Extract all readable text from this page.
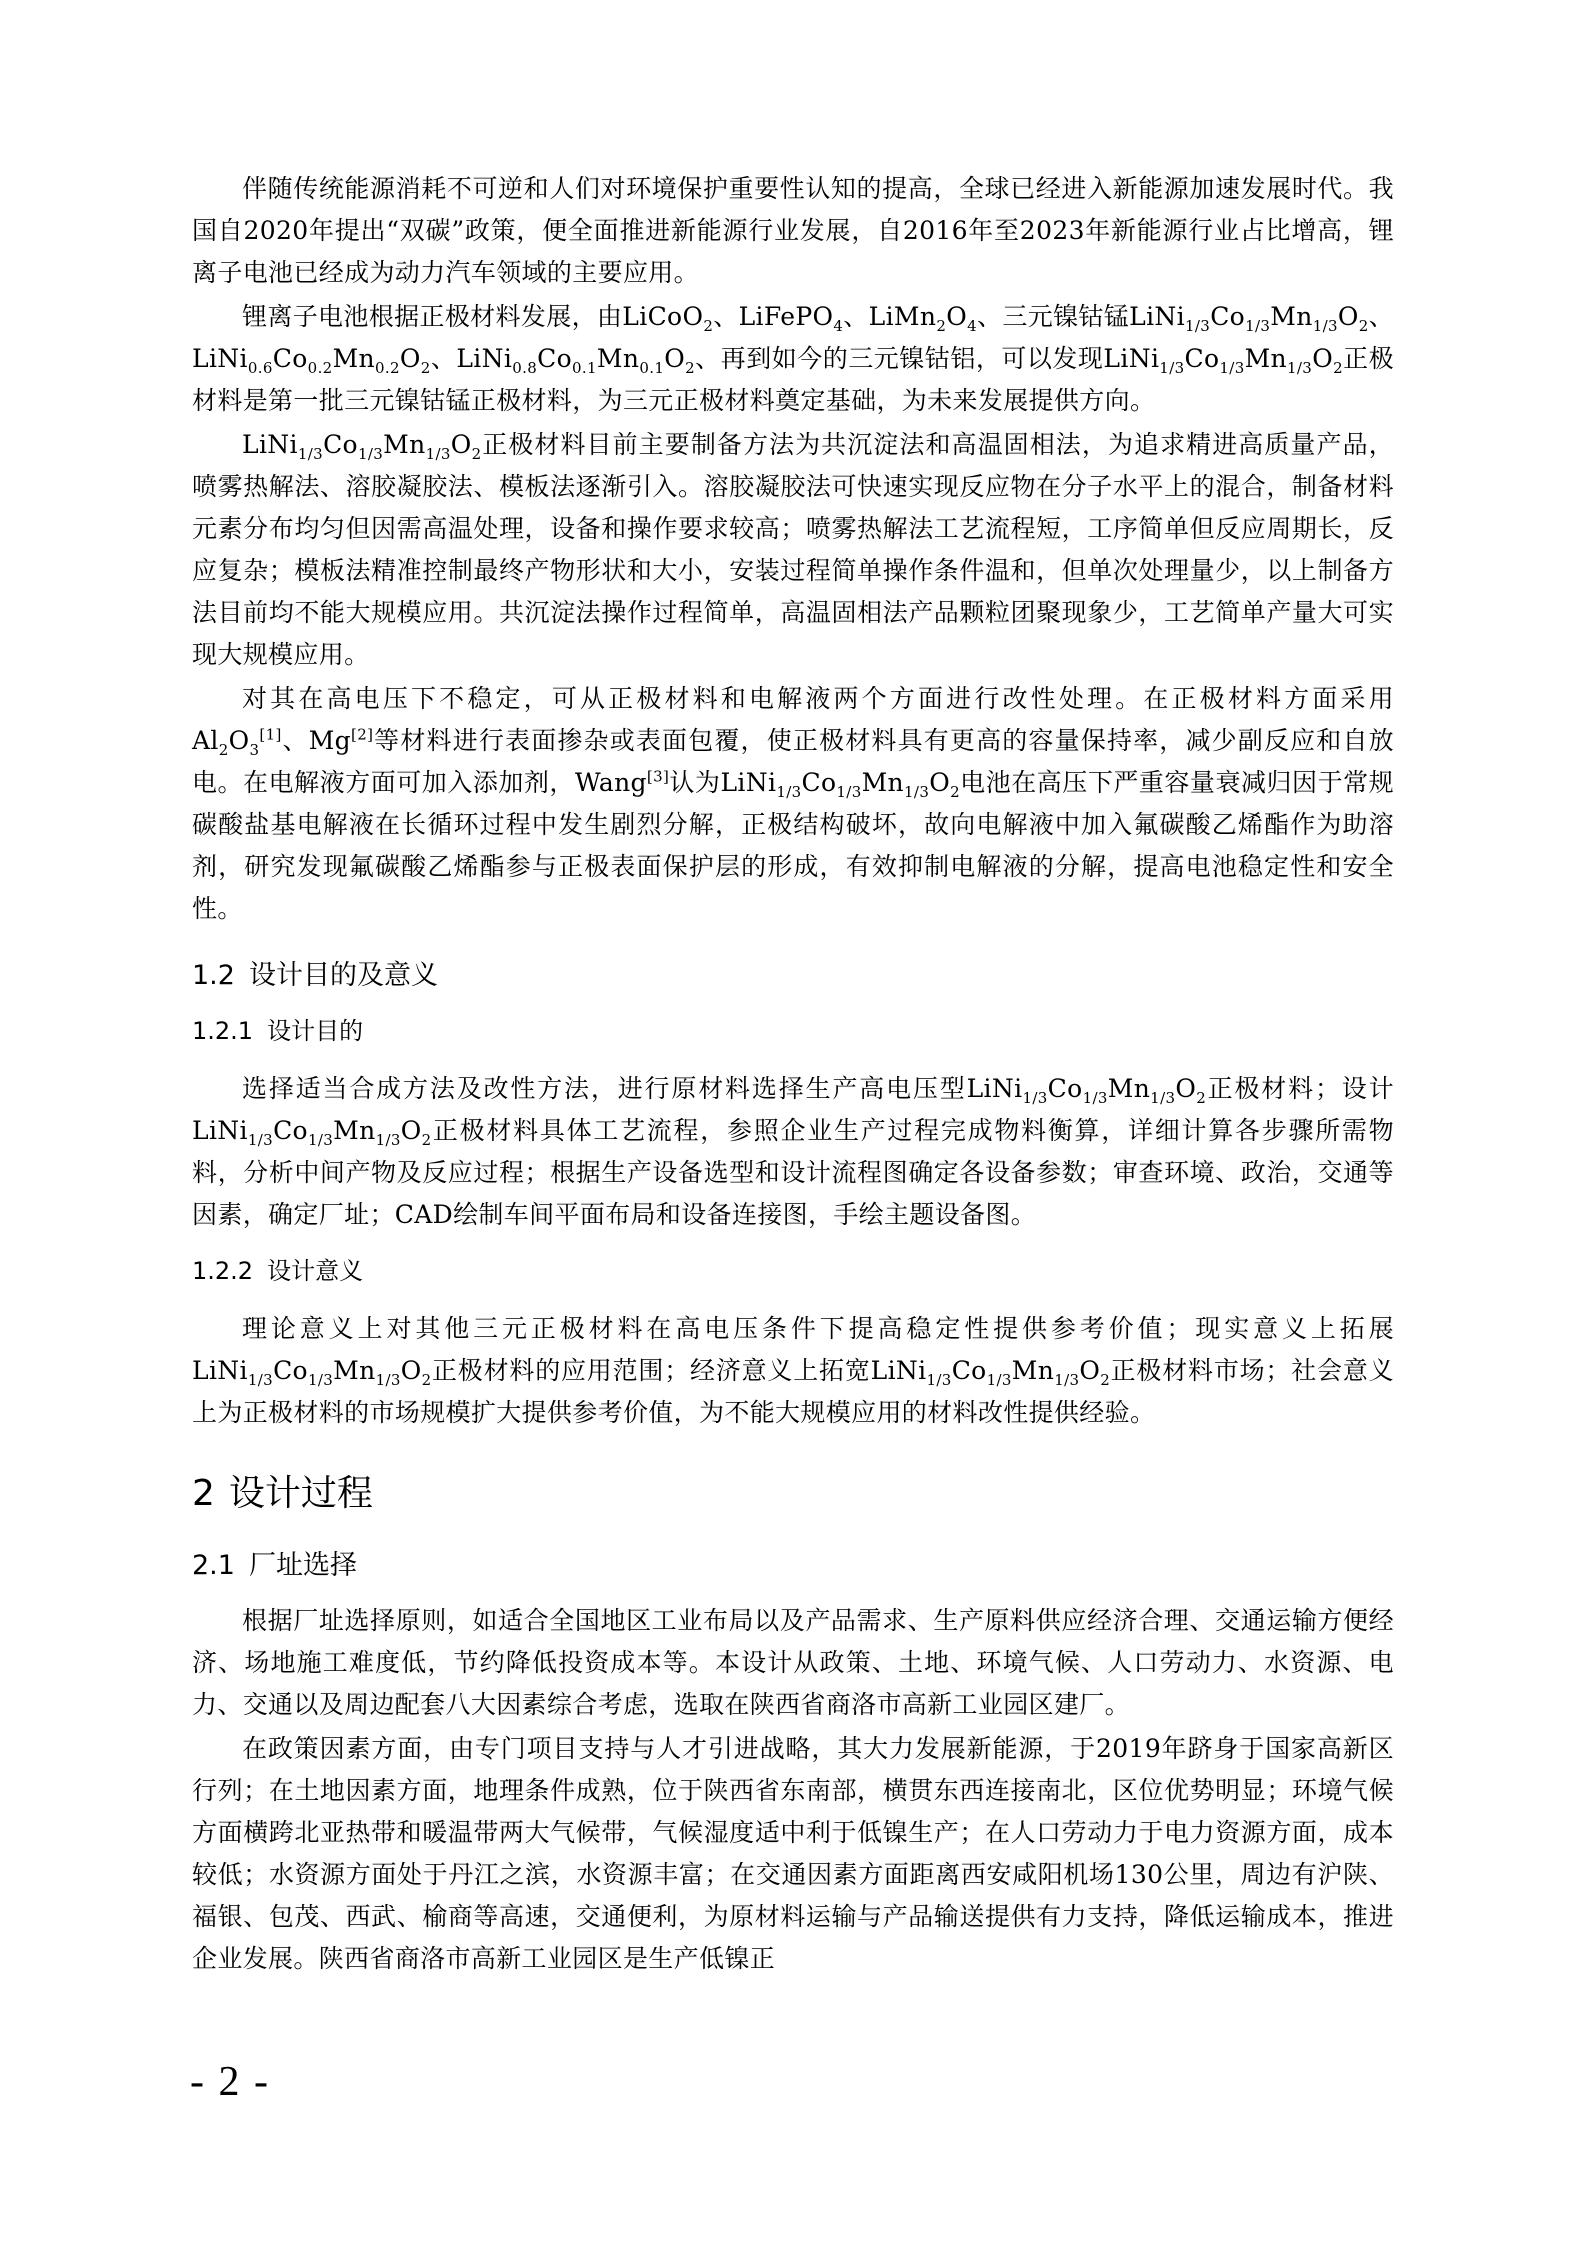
伴随传统能源消耗不可逆和人们对环境保护重要性认知的提高，全球已经进入新能源加速发展时代。我国自2020年提出“双碳”政策，便全面推进新能源行业发展，自2016年至2023年新能源行业占比增高，锂离子电池已经成为动力汽车领域的主要应用。

锂离子电池根据正极材料发展，由LiCoO$_2$、LiFePO$_4$、$LiMn_2O_4$、三元镍钴锰$LiNi_{1/3}Co_{1/3}Mn_{1/3}O_2$、$LiNi_{0.6}Co_{0.2}Mn_{0.2}O_2$、$LiNi_{0.8}Co_{0.1}Mn_{0.1}O_2$、再到如今的三元镍钴铝，可以发现$LiNi_{1/3}Co_{1/3}Mn_{1/3}O_2$正极材料是第一批三元镍钴锰正极材料，为三元正极材料奠定基础，为未来发展提供方向。

$LiNi_{1/3}Co_{1/3}Mn_{1/3}O_2$正极材料目前主要制备方法为共沉淀法和高温固相法，为追求精进高质量产品，喷雾热解法、溶胶凝胶法、模板法逐渐引入。溶胶凝胶法可快速实现反应物在分子水平上的混合，制备材料元素分布均匀但因需高温处理，设备和操作要求较高；喷雾热解法工艺流程短，工序简单但反应周期长，反应复杂；模板法精准控制最终产物形状和大小，安装过程简单操作条件温和，但单次处理量少，以上制备方法目前均不能大规模应用。共沉淀法操作过程简单，高温固相法产品颗粒团聚现象少，工艺简单产量大可实现大规模应用。

对其在高电压下不稳定，可从正极材料和电解液两个方面进行改性处理。在正极材料方面采用$Al_2O_3[1]$、Mg[2]等材料进行表面掺杂或表面包覆，使正极材料具有更高的容量保持率，减少副反应和自放电。在电解液方面可加入添加剂，Wang[3]认为$LiNi_{1/3}Co_{1/3}Mn_{1/3}O_2$电池在高压下严重容量衰减归因于常规碳酸盐基电解液在长循环过程中发生剧烈分解，正极结构破坏，故向电解液中加入氟碳酸乙烯酯作为助溶剂，研究发现氟碳酸乙烯酯参与正极表面保护层的形成，有效抑制电解液的分解，提高电池稳定性和安全性。

1.2 设计目的及意义
1.2.1 设计目的

选择适当合成方法及改性方法，进行原材料选择生产高电压型$LiNi_{1/3}Co_{1/3}Mn_{1/3}O_2$正极材料；设计$LiNi_{1/3}Co_{1/3}Mn_{1/3}O_2$正极材料具体工艺流程，参照企业生产过程完成物料衡算，详细计算各步骤所需物料，分析中间产物及反应过程；根据生产设备选型和设计流程图确定各设备参数；审查环境、政治，交通等因素，确定厂址；CAD绘制车间平面布局和设备连接图，手绘主题设备图。

1.2.2 设计意义

理论意义上对其他三元正极材料在高电压条件下提高稳定性提供参考价值；现实意义上拓展$LiNi_{1/3}Co_{1/3}Mn_{1/3}O_2$正极材料的应用范围；经济意义上拓宽$LiNi_{1/3}Co_{1/3}Mn_{1/3}O_2$正极材料市场；社会意义上为正极材料的市场规模扩大提供参考价值，为不能大规模应用的材料改性提供经验。

2 设计过程
2.1 厂址选择

根据厂址选择原则，如适合全国地区工业布局以及产品需求、生产原料供应经济合理、交通运输方便经济、场地施工难度低，节约降低投资成本等。本设计从政策、土地、环境气候、人口劳动力、水资源、电力、交通以及周边配套八大因素综合考虑，选取在陕西省商洛市高新工业园区建厂。

在政策因素方面，由专门项目支持与人才引进战略，其大力发展新能源，于2019年跻身于国家高新区行列；在土地因素方面，地理条件成熟，位于陕西省东南部，横贯东西连接南北，区位优势明显；环境气候方面横跨北亚热带和暖温带两大气候带，气候湿度适中利于低镍生产；在人口劳动力于电力资源方面，成本较低；水资源方面处于丹江之滨，水资源丰富；在交通因素方面距离西安咸阳机场130公里，周边有沪陕、福银、包茂、西武、榆商等高速，交通便利，为原材料运输与产品输送提供有力支持，降低运输成本，推进企业发展。陕西省商洛市高新工业园区是生产低镍正

- 2 -
